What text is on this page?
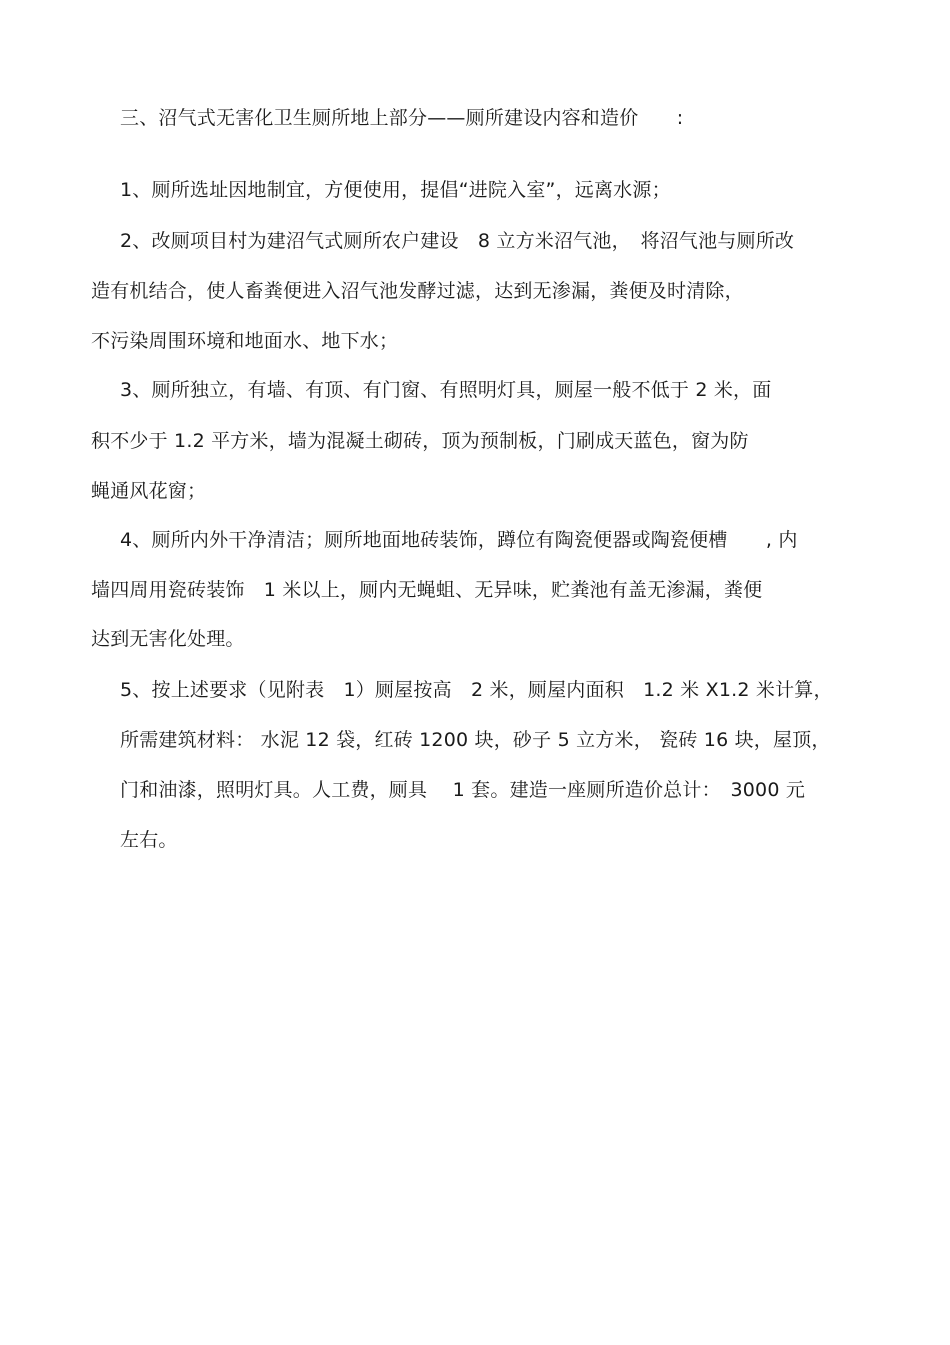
三、沼气式无害化卫生厕所地上部分——厕所建设内容和造价　　:
1、厕所选址因地制宜，方便使用，提倡“进院入室”，远离水源；
2、改厕项目村为建沼气式厕所农户建设　8 立方米沼气池，　将沼气池与厕所改
造有机结合，使人畜粪便进入沼气池发酵过滤，达到无渗漏，粪便及时清除，
不污染周围环境和地面水、地下水；
3、厕所独立，有墙、有顶、有门窗、有照明灯具，厕屋一般不低于 2 米，面
积不少于 1.2 平方米，墙为混凝土砌砖，顶为预制板，门刷成天蓝色，窗为防
蝇通风花窗；
4、厕所内外干净清洁；厕所地面地砖装饰，蹲位有陶瓷便器或陶瓷便槽　　, 内
墙四周用瓷砖装饰　1 米以上，厕内无蝇蛆、无异味，贮粪池有盖无渗漏，粪便
达到无害化处理。
5、按上述要求（见附表　1）厕屋按高　2 米，厕屋内面积　1.2 米 X1.2 米计算，
所需建筑材料： 水泥 12 袋，红砖 1200 块，砂子 5 立方米， 瓷砖 16 块，屋顶，
门和油漆，照明灯具。人工费，厕具　 1 套。建造一座厕所造价总计：　3000 元
左右。
